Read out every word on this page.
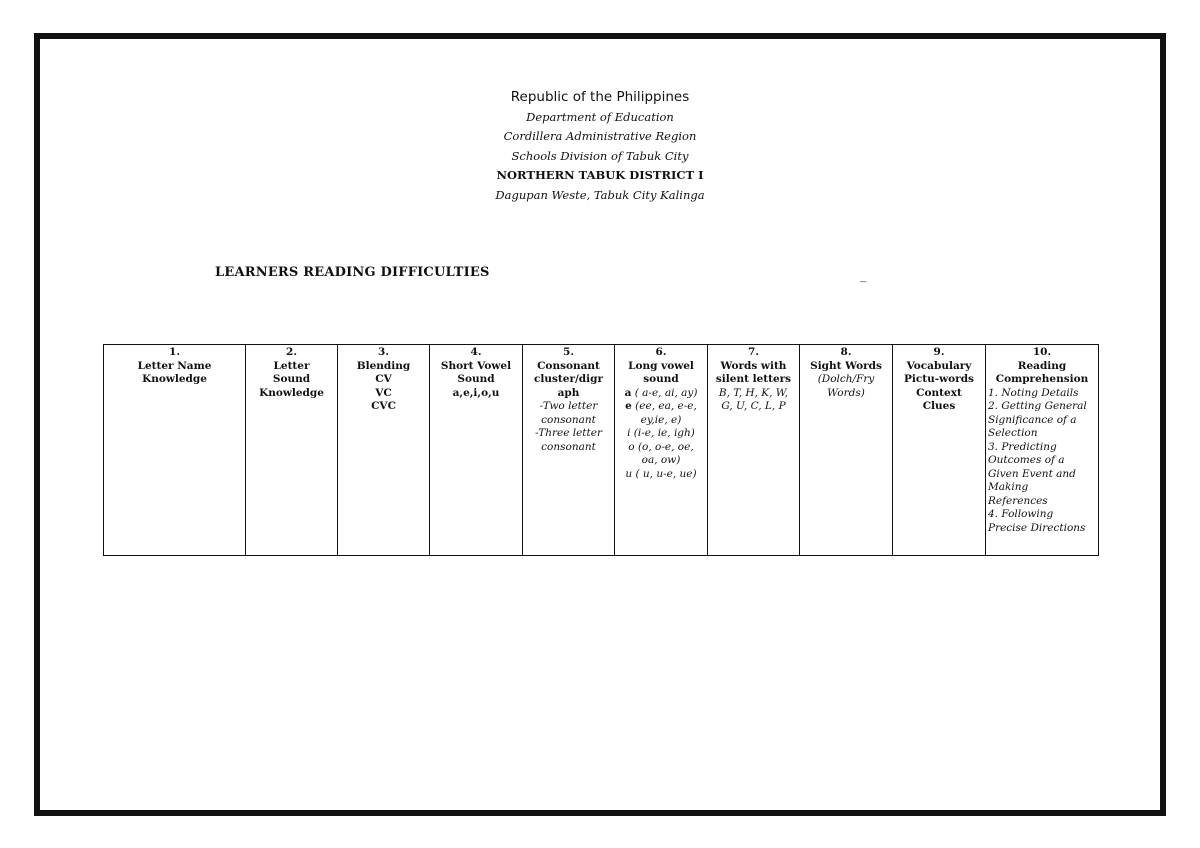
Republic of the Philippines
Department of Education
Cordillera Administrative Region
Schools Division of Tabuk City
NORTHERN TABUK DISTRICT I
Dagupan Weste, Tabuk City Kalinga
LEARNERS READING DIFFICULTIES	_
1.
Letter Name
Knowledge

2.
Letter
Sound
Knowledge

3.
Blending
CV
VC
CVC

4.
Short Vowel
Sound
a,e,i,o,u

5.
Consonant
cluster/digr
aph
-Two letter
consonant
-Three letter
consonant

6.
Long vowel
sound
a ( a-e, ai, ay)
e (ee, ea, e-e,
ey,ie, e)
i (i-e, ie, igh)
o (o, o-e, oe,
oa, ow)
u ( u, u-e, ue)

7.
Words with
silent letters
B, T, H, K, W,
G, U, C, L, P

8.
Sight Words
(Dolch/Fry
Words)

9.
Vocabulary
Pictu-words
Context
Clues

10.
Reading
Comprehension
1. Noting Details
2. Getting General
Significance of a
Selection
3. Predicting
Outcomes of a
Given Event and
Making
References
4. Following
Precise Directions
